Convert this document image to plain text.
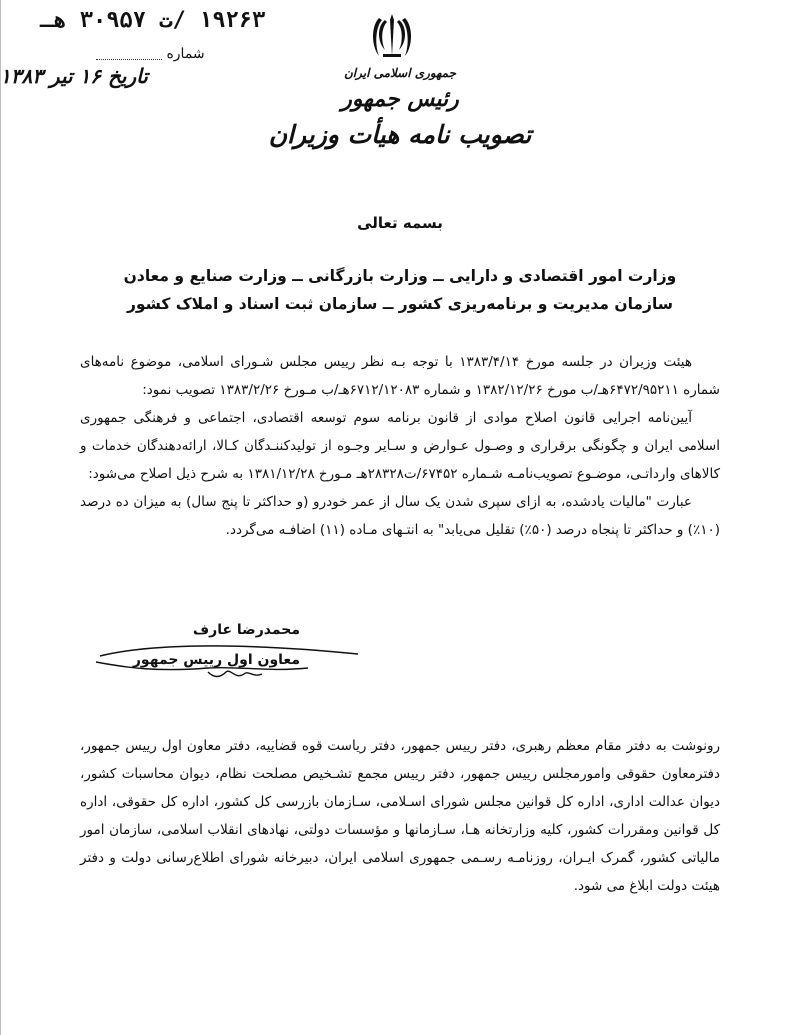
۱۹۲۶۳ /ت ۳۰۹۵۷ هـ
شماره
تاریخ ۱۶ تیر ۱۳۸۳	جمهوری اسلامی ایران
رئیس جمهور
تصویب نامه هیأت وزیران
بسمه تعالی
وزارت امور اقتصادی و دارایی ــ وزارت بازرگانی ــ وزارت صنایع و معادن
سازمان مدیریت و برنامه‌ریزی کشور ــ سازمان ثبت اسناد و املاک کشور

هیئت وزیران در جلسه مورخ ۱۳۸۳/۴/۱۴ با توجه بـه نظر رییس مجلس شـورای اسلامی، موضوع نامه‌های شماره ۶۴۷۲/۹۵۲۱۱هـ/ب مورخ ۱۳۸۲/۱۲/۲۶ و شماره ۶۷۱۲/۱۲۰۸۳هـ/ب مـورخ ۱۳۸۳/۲/۲۶ تصویب نمود:

آیین‌نامه اجرایی قانون اصلاح موادی از قانون برنامه سوم توسعه اقتصادی، اجتماعی و فرهنگی جمهوری اسلامی ایران و چگونگی برقراری و وصـول عـوارض و سـایر وجـوه از تولیدکننـدگان کـالا، ارائه‌دهندگان خدمات و کالاهای وارداتـی، موضـوع تصویب‌نامـه شـماره ۶۷۴۵۲/ت۲۸۳۲۸هـ مـورخ ۱۳۸۱/۱۲/۲۸ به شرح ذیل اصلاح می‌شود:

عبارت "مالیات یادشده، به ازای سپری شدن یک سال از عمر خودرو (و حداکثر تا پنج سال) به میزان ده درصد (۱۰٪) و حداکثر تا پنجاه درصد (۵۰٪) تقلیل می‌یابد" به انتـهای مـاده (۱۱) اضافـه می‌گردد.

محمدرضا عارف
معاون اول رییس جمهور
رونوشت به دفتر مقام معظم رهبری، دفتر رییس جمهور، دفتر ریاست قوه قضاییه، دفتر معاون اول رییس جمهور، دفترمعاون حقوقی وامورمجلس رییس جمهور، دفتر رییس مجمع تشـخیص مصلحت نظام، دیوان محاسبات کشور، دیوان عدالت اداری، اداره کل قوانین مجلس شورای اسـلامی، سـازمان بازرسی کل کشور، اداره کل حقوقی، اداره کل قوانین ومقررات کشور، کلیه وزارتخانه هـا، سـازمانها و مؤسسات دولتی، نهادهای انقلاب اسلامی، سازمان امور مالیاتی کشور، گمرک ایـران، روزنامـه رسـمی جمهوری اسلامی ایران، دبیرخانه شورای اطلاع‌رسانی دولت و دفتر هیئت دولت ابلاغ می شود.
